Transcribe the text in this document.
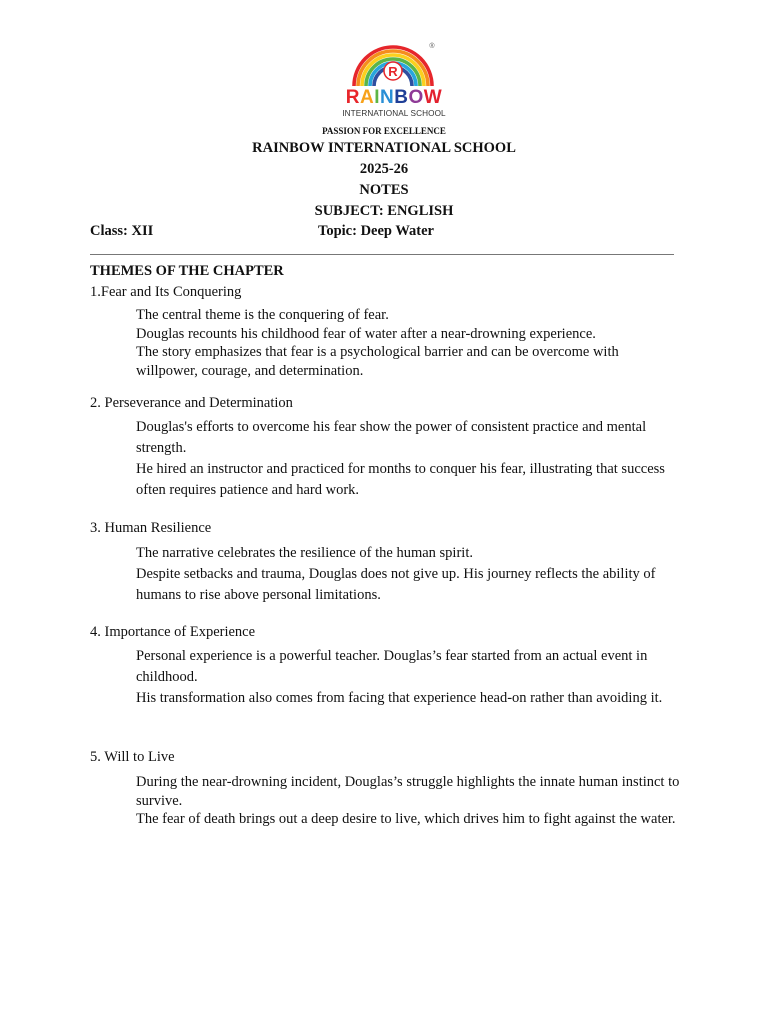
R
®
RAINBOW
INTERNATIONAL SCHOOL
PASSION FOR EXCELLENCE
RAINBOW INTERNATIONAL SCHOOL
2025-26
NOTES
SUBJECT: ENGLISH
Class: XII	Topic: Deep Water
THEMES OF THE CHAPTER
1.Fear and Its Conquering

The central theme is the conquering of fear.

Douglas recounts his childhood fear of water after a near-drowning experience.

The story emphasizes that fear is a psychological barrier and can be overcome with willpower, courage, and determination.

2. Perseverance and Determination

Douglas's efforts to overcome his fear show the power of consistent practice and mental strength.

He hired an instructor and practiced for months to conquer his fear, illustrating that success often requires patience and hard work.

3. Human Resilience

The narrative celebrates the resilience of the human spirit.

Despite setbacks and trauma, Douglas does not give up. His journey reflects the ability of humans to rise above personal limitations.

4. Importance of Experience

Personal experience is a powerful teacher. Douglas’s fear started from an actual event in childhood.

His transformation also comes from facing that experience head-on rather than avoiding it.

5. Will to Live

During the near-drowning incident, Douglas’s struggle highlights the innate human instinct to survive.

The fear of death brings out a deep desire to live, which drives him to fight against the water.
